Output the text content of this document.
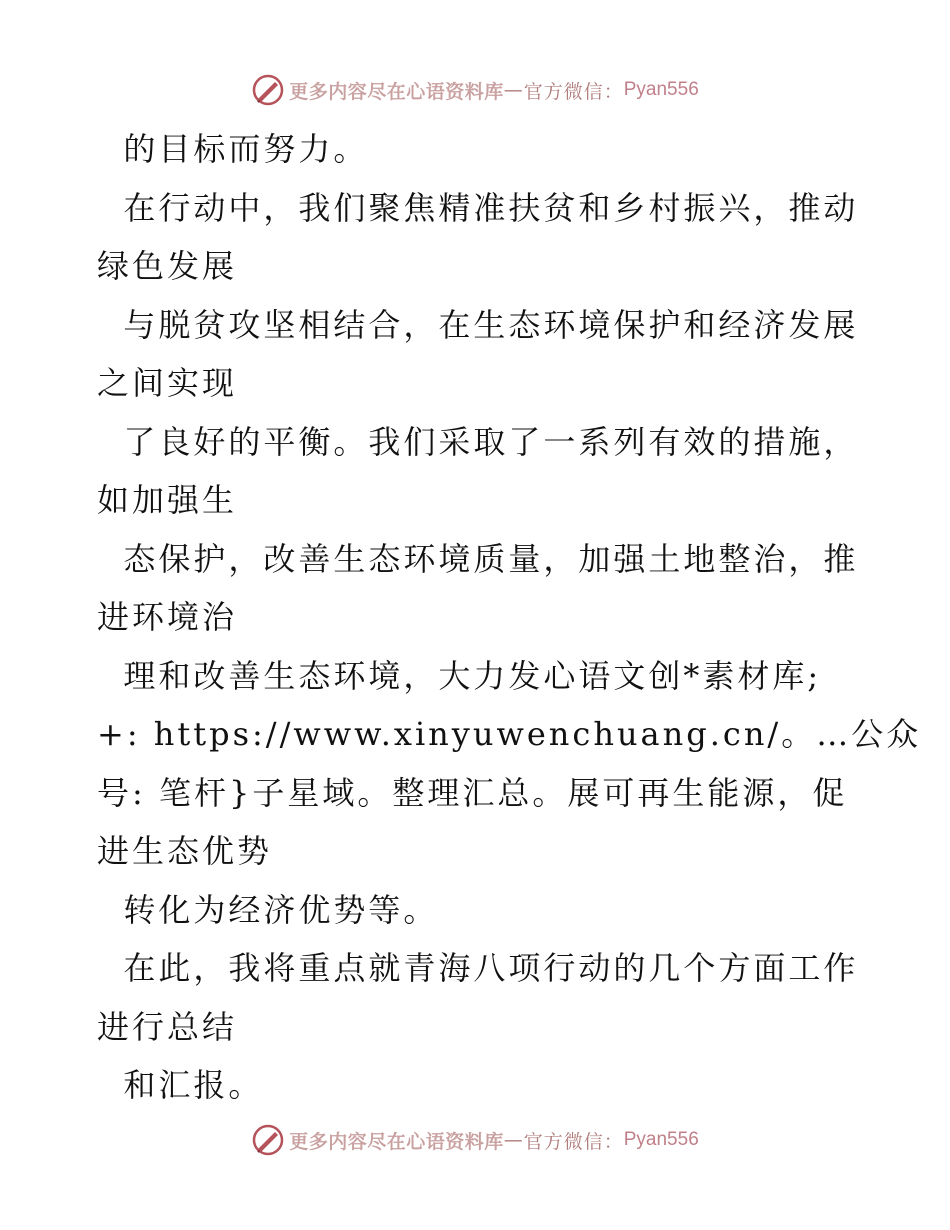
更多内容尽在心语资料库 — 官方微信： Pyan556
的目标而努力。
在行动中，我们聚焦精准扶贫和乡村振兴，推动
绿色发展
与脱贫攻坚相结合，在生态环境保护和经济发展
之间实现
了良好的平衡。我们采取了一系列有效的措施，
如加强生
态保护，改善生态环境质量，加强土地整治，推
进环境治
理和改善生态环境，大力发心语文创*素材库;
+: https://www.xinyuwenchuang.cn/。…公众
号: 笔杆}子星域。整理汇总。展可再生能源，促
进生态优势
转化为经济优势等。
在此，我将重点就青海八项行动的几个方面工作
进行总结
和汇报。
更多内容尽在心语资料库 — 官方微信： Pyan556
